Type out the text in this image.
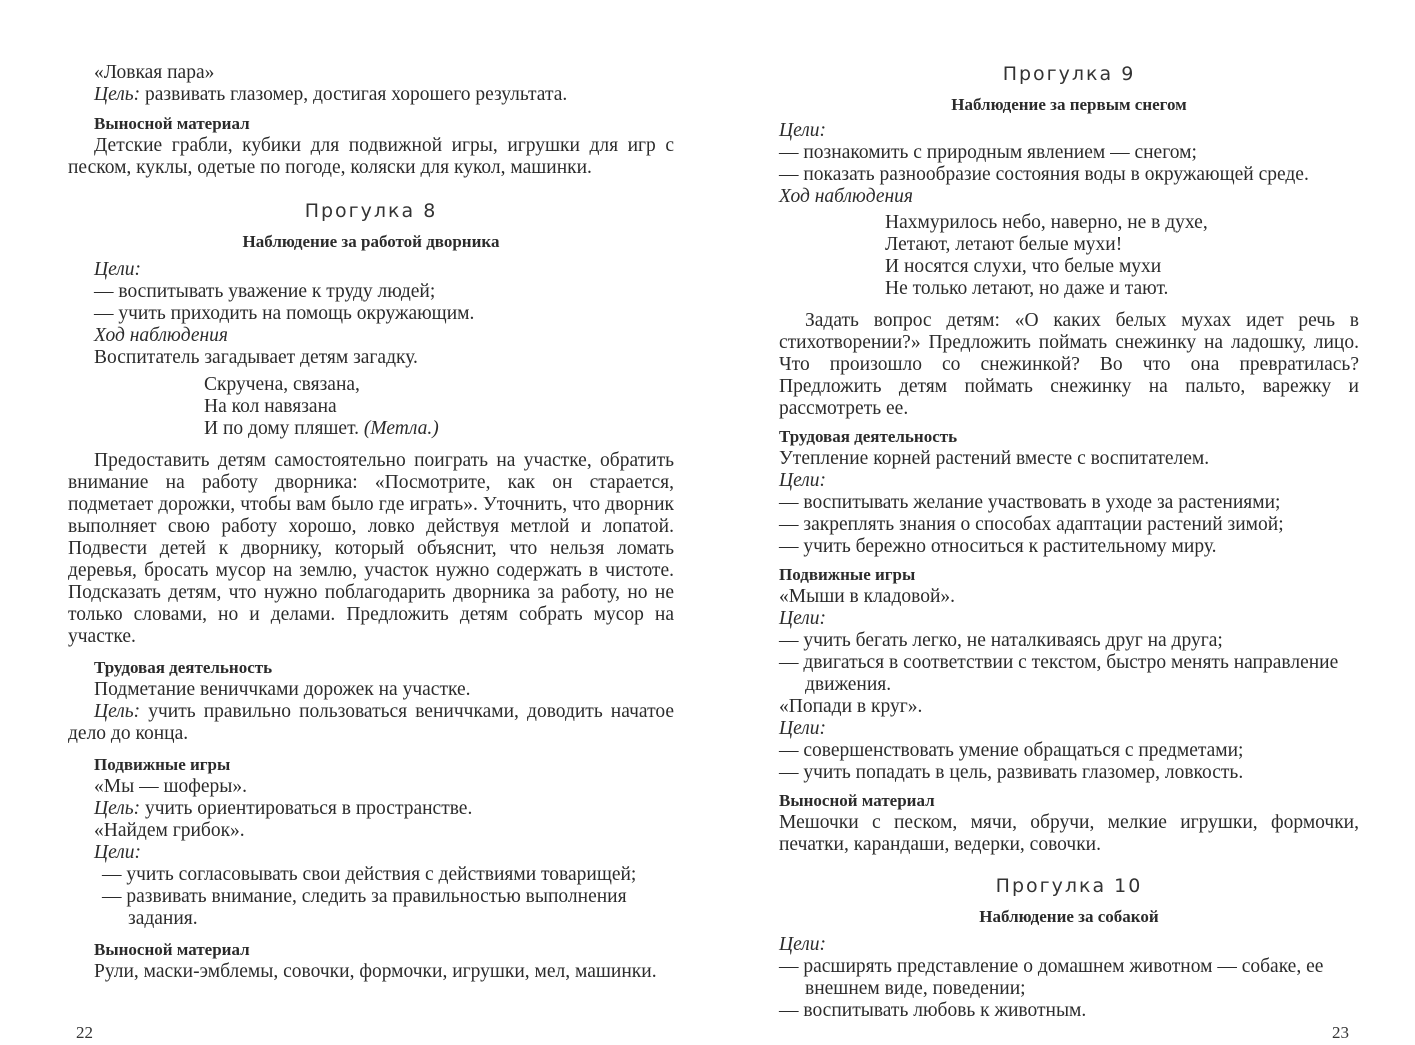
«Ловкая пара»

Цель: развивать глазомер, достигая хорошего результата.

Выносной материал

Детские грабли, кубики для подвижной игры, игрушки для игр с песком, куклы, одетые по погоде, коляски для кукол, машинки.

Прогулка 8

Наблюдение за работой дворника

Цели:

— воспитывать уважение к труду людей;

— учить приходить на помощь окружающим.

Ход наблюдения

Воспитатель загадывает детям загадку.

Скручена, связана,

На кол навязана

И по дому пляшет. (Метла.)

Предоставить детям самостоятельно поиграть на участке, обратить внимание на работу дворника: «Посмотрите, как он старается, подметает дорожки, чтобы вам было где играть». Уточнить, что дворник выполняет свою работу хорошо, ловко действуя метлой и лопатой. Подвести детей к дворнику, который объяснит, что нельзя ломать деревья, бросать мусор на землю, участок нужно содержать в чистоте. Подсказать детям, что нужно поблагодарить дворника за работу, но не только словами, но и делами. Предложить детям собрать мусор на участке.

Трудовая деятельность

Подметание вениччками дорожек на участке.

Цель: учить правильно пользоваться вениччками, доводить начатое дело до конца.

Подвижные игры

«Мы — шоферы».

Цель: учить ориентироваться в пространстве.

«Найдем грибок».

Цели:

— учить согласовывать свои действия с действиями товарищей;

— развивать внимание, следить за правильностью выполнения задания.

Выносной материал

Рули, маски-эмблемы, совочки, формочки, игрушки, мел, машинки.

22

Прогулка 9

Наблюдение за первым снегом

Цели:

— познакомить с природным явлением — снегом;

— показать разнообразие состояния воды в окружающей среде.

Ход наблюдения

Нахмурилось небо, наверно, не в духе,

Летают, летают белые мухи!

И носятся слухи, что белые мухи

Не только летают, но даже и тают.

Задать вопрос детям: «О каких белых мухах идет речь в стихотворении?» Предложить поймать снежинку на ладошку, лицо. Что произошло со снежинкой? Во что она превратилась? Предложить детям поймать снежинку на пальто, варежку и рассмотреть ее.

Трудовая деятельность

Утепление корней растений вместе с воспитателем.

Цели:

— воспитывать желание участвовать в уходе за растениями;

— закреплять знания о способах адаптации растений зимой;

— учить бережно относиться к растительному миру.

Подвижные игры

«Мыши в кладовой».

Цели:

— учить бегать легко, не наталкиваясь друг на друга;

— двигаться в соответствии с текстом, быстро менять направление движения.

«Попади в круг».

Цели:

— совершенствовать умение обращаться с предметами;

— учить попадать в цель, развивать глазомер, ловкость.

Выносной материал

Мешочки с песком, мячи, обручи, мелкие игрушки, формочки, печатки, карандаши, ведерки, совочки.

Прогулка 10

Наблюдение за собакой

Цели:

— расширять представление о домашнем животном — собаке, ее внешнем виде, поведении;

— воспитывать любовь к животным.

23
